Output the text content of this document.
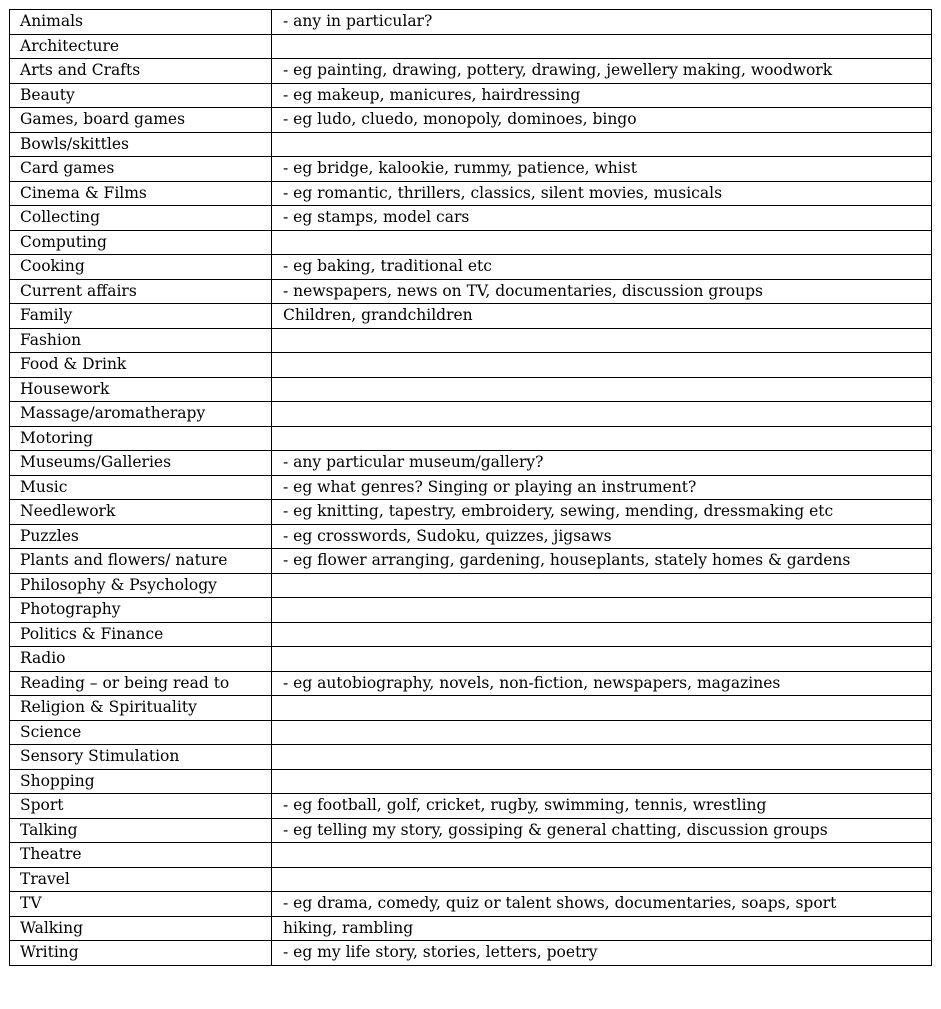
Animals	- any in particular?
Architecture	
Arts and Crafts	- eg painting, drawing, pottery, drawing, jewellery making, woodwork
Beauty	- eg makeup, manicures, hairdressing
Games, board games	- eg ludo, cluedo, monopoly, dominoes, bingo
Bowls/skittles	
Card games	- eg bridge, kalookie, rummy, patience, whist
Cinema & Films	- eg romantic, thrillers, classics, silent movies, musicals
Collecting	- eg stamps, model cars
Computing	
Cooking	- eg baking, traditional etc
Current affairs	- newspapers, news on TV, documentaries, discussion groups
Family	Children, grandchildren
Fashion	
Food & Drink	
Housework	
Massage/aromatherapy	
Motoring	
Museums/Galleries	- any particular museum/gallery?
Music	- eg what genres? Singing or playing an instrument?
Needlework	- eg knitting, tapestry, embroidery, sewing, mending, dressmaking etc
Puzzles	- eg crosswords, Sudoku, quizzes, jigsaws
Plants and flowers/ nature	- eg flower arranging, gardening, houseplants, stately homes & gardens
Philosophy & Psychology	
Photography	
Politics & Finance	
Radio	
Reading – or being read to	- eg autobiography, novels, non-fiction, newspapers, magazines
Religion & Spirituality	
Science	
Sensory Stimulation	
Shopping	
Sport	- eg football, golf, cricket, rugby, swimming, tennis, wrestling
Talking	- eg telling my story, gossiping & general chatting, discussion groups
Theatre	
Travel	
TV	- eg drama, comedy, quiz or talent shows, documentaries, soaps, sport
Walking	hiking, rambling
Writing	- eg my life story, stories, letters, poetry
